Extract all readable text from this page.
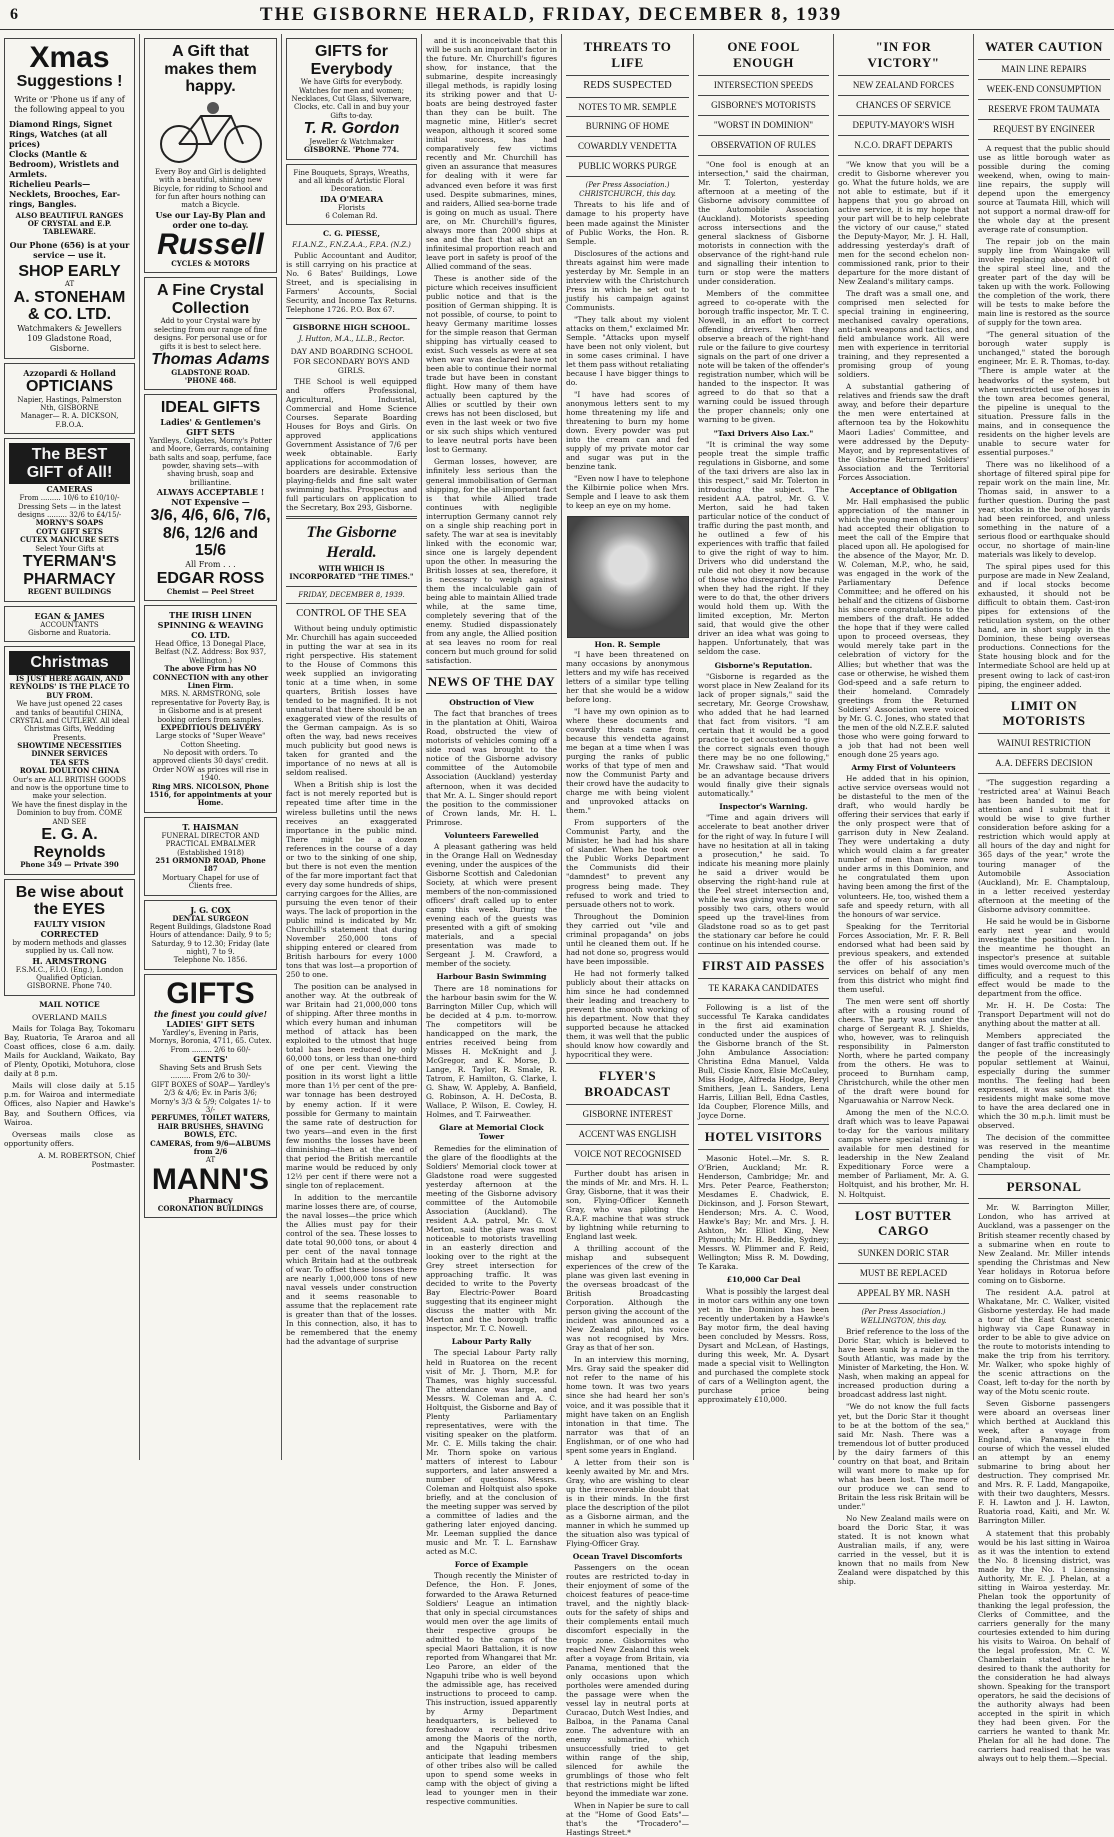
6	THE GISBORNE HERALD, FRIDAY, DECEMBER 8, 1939
Xmas
Suggestions !
Write or 'Phone us if any of the following appeal to you
Diamond Rings, Signet Rings, Watches (at all prices)
Clocks (Mantle & Bedroom), Wristlets and Armlets.
Richelieu Pearls— Necklets, Brooches, Ear-rings, Bangles.
ALSO BEAUTIFUL RANGES OF CRYSTAL and E.P. TABLEWARE.
Our Phone (656) is at your service — use it.
SHOP EARLY
AT
A. STONEHAM & CO. LTD.
Watchmakers & Jewellers
109 Gladstone Road, Gisborne.
Azzopardi & Holland
OPTICIANS
Napier, Hastings, Palmerston Nth, GISBORNE
Manager— R. A. DICKSON, F.B.O.A.
The BEST GIFT of All!
CAMERAS
From ......... 10/6 to £10/10/-
Dressing Sets — in the latest designs ......... 32/6 to £4/15/-
MORNY'S SOAPS
COTY GIFT SETS
CUTEX MANICURE SETS
Select Your Gifts at
TYERMAN'S PHARMACY
REGENT BUILDINGS
EGAN & JAMES
ACCOUNTANTS
Gisborne and Ruatoria.
Christmas
IS JUST HERE AGAIN, AND REYNOLDS' IS THE PLACE TO BUY FROM.
We have just opened 22 cases and tanks of beautiful CHINA, CRYSTAL and CUTLERY. All ideal Christmas Gifts, Wedding Presents.
SHOWTIME NECESSITIES
DINNER SERVICES
TEA SETS
ROYAL DOULTON CHINA
Our's are ALL BRITISH GOODS and now is the opportune time to make your selection.
We have the finest display in the Dominion to buy from. COME AND SEE
E. G. A. Reynolds
Phone 349 — Private 390
Be wise about the EYES
FAULTY VISION CORRECTED
by modern methods and glasses supplied by us. Call now.
H. ARMSTRONG
F.S.M.C., F.I.O. (Eng.), London Qualified Optician.
GISBORNE. Phone 740.
MAIL NOTICE
OVERLAND MAILS

Mails for Tolaga Bay, Tokomaru Bay, Ruatoria, Te Araroa and all Coast offices, close 6 a.m. daily. Mails for Auckland, Waikato, Bay of Plenty, Opotiki, Motuhora, close daily at 8 p.m.

Mails will close daily at 5.15 p.m. for Wairoa and intermediate Offices, also Napier and Hawke's Bay, and Southern Offices, via Wairoa.

Overseas mails close as opportunity offers.

A. M. ROBERTSON, Chief Postmaster.

A Gift that makes them happy.
Every Boy and Girl is delighted with a beautiful, shining new Bicycle, for riding to School and for fun after hours nothing can match a Bicycle.
Use our Lay-By Plan and order one to-day.
Russell
CYCLES & MOTORS
A Fine Crystal Collection
Add to your Crystal ware by selecting from our range of fine designs. For personal use or for gifts it is best to select here.
Thomas Adams
GLADSTONE ROAD.
'PHONE 468.
IDEAL GIFTS
Ladies' & Gentlemen's GIFT SETS
Yardleys, Colgates, Morny's Potter and Moore, Gerrards, containing bath salts and soap, perfume, face powder, shaving sets—with shaving brush, soap and brilliantine.
ALWAYS ACCEPTABLE !
NOT Expensive —
3/6, 4/6, 6/6, 7/6, 8/6, 12/6 and 15/6
All From . . .
EDGAR ROSS
Chemist — Peel Street
THE IRISH LINEN SPINNING & WEAVING CO. LTD.
Head Office, 13 Donegal Place, Belfast (N.Z. Address: Box 937, Wellington.)
The above Firm has NO CONNECTION with any other Linen Firm.
MRS. N. ARMSTRONG, sole representative for Poverty Bay, is in Gisborne and is at present booking orders from samples.
EXPEDITIOUS DELIVERY
Large stocks of "Super Weave" Cotton Sheeting.
No deposit with orders. To approved clients 30 days' credit.
Order NOW as prices will rise in 1940.
Ring MRS. NICOLSON, Phone 1516, for appointments at your Home.
T. HAISMAN
FUNERAL DIRECTOR AND PRACTICAL EMBALMER
(Established 1918)
251 ORMOND ROAD, Phone 187
Mortuary Chapel for use of Clients free.
J. G. COX
DENTAL SURGEON
Regent Buildings, Gladstone Road
Hours of attendance: Daily, 9 to 5; Saturday, 9 to 12.30; Friday (late night), 7 to 9.
Telephone No. 1856.
GIFTS
the finest you could give!
LADIES' GIFT SETS
Yardley's, Evening in Paris, Mornys, Boronia, 4711, 65. Cutex. From ......... 2/6 to 60/-
GENTS'
Shaving Sets and Brush Sets ......... From 2/6 to 30/-
GIFT BOXES of SOAP— Yardley's 2/3 & 4/6; Ev. in Paris 3/6; Morny's 3/3 & 5/9; Colgates 1/- to 3/-
PERFUMES, TOILET WATERS, HAIR BRUSHES, SHAVING BOWLS, ETC.
CAMERAS, from 9/6—ALBUMS from 2/6
AT
MANN'S
Pharmacy
CORONATION BUILDINGS
GIFTS for Everybody
We have Gifts for everybody. Watches for men and women; Necklaces, Cut Glass, Silverware, Clocks, etc. Call in and buy your Gifts to-day.
T. R. Gordon
Jeweller & Watchmaker
GISBORNE. 'Phone 774.
Fine Bouquets, Sprays, Wreaths, and all kinds of Artistic Floral Decoration.
IDA O'MEARA
Florists
6 Coleman Rd.
C. G. PIESSE,
F.I.A.N.Z., F.N.Z.A.A., F.P.A. (N.Z.)

Public Accountant and Auditor, is still carrying on his practice at No. 6 Bates' Buildings, Lowe Street, and is specialising in Farmers' Accounts, Social Security, and Income Tax Returns. Telephone 1726. P.O. Box 67.

GISBORNE HIGH SCHOOL.
J. Hutton, M.A., LL.B., Rector.
DAY AND BOARDING SCHOOL FOR SECONDARY BOYS AND GIRLS.

THE School is well equipped and offers Professional, Agricultural, Industrial, Commercial and Home Science Courses. Separate Boarding Houses for Boys and Girls. On approved applications Government Assistance of 7/6 per week obtainable. Early applications for accommodation of boarders are desirable. Extensive playing-fields and fine salt water swimming baths. Prospectus and full particulars on application to the Secretary, Box 293, Gisborne.

The Gisborne Herald.
WITH WHICH IS INCORPORATED "THE TIMES."
FRIDAY, DECEMBER 8, 1939.
CONTROL OF THE SEA

Without being unduly optimistic Mr. Churchill has again succeeded in putting the war at sea in its right perspective. His statement to the House of Commons this week supplied an invigorating tonic at a time when, in some quarters, British losses have tended to be magnified. It is not unnatural that there should be an exaggerated view of the results of the German campaign. As is so often the way, bad news receives much publicity but good news is taken for granted and the importance of no news at all is seldom realised.

When a British ship is lost the fact is not merely reported but is repeated time after time in the wireless bulletins until the news receives an exaggerated importance in the public mind. There might be a dozen references in the course of a day or two to the sinking of one ship, but there is not even the mention of the far more important fact that every day some hundreds of ships, carrying cargoes for the Allies, are pursuing the even tenor of their ways. The lack of proportion in the public mind is indicated by Mr. Churchill's statement that during November 250,000 tons of shipping entered or cleared from British harbours for every 1000 tons that was lost—a proportion of 250 to one.

The position can be analysed in another way. At the outbreak of war Britain had 21,000,000 tons of shipping. After three months in which every human and inhuman method of attack has been exploited to the utmost that huge total has been reduced by only 60,000 tons, or less than one-third of one per cent. Viewing the position in its worst light a little more than 1½ per cent of the pre-war tonnage has been destroyed by enemy action. If it were possible for Germany to maintain the same rate of destruction for two years—and even in the first few months the losses have been diminishing—then at the end of that period the British mercantile marine would be reduced by only 12½ per cent if there were not a single ton of replacement.

In addition to the mercantile marine losses there are, of course, the naval losses—the price which the Allies must pay for their control of the sea. These losses to date total 90,000 tons, or about 4 per cent of the naval tonnage which Britain had at the outbreak of war. To offset these losses there are nearly 1,000,000 tons of new naval vessels under construction and it seems reasonable to assume that the replacement rate is greater than that of the losses. In this connection, also, it has to be remembered that the enemy had the advantage of surprise

and it is inconceivable that this will be such an important factor in the future. Mr. Churchill's figures show, for instance, that the submarine, despite increasingly illegal methods, is rapidly losing its striking power and that U-boats are being destroyed faster than they can be built. The magnetic mine, Hitler's secret weapon, although it scored some initial success, has had comparatively few victims recently and Mr. Churchill has given an assurance that measures for dealing with it were far advanced even before it was first used. Despite submarines, mines, and raiders, Allied sea-borne trade is going on much as usual. There are, on Mr. Churchill's figures, always more than 2000 ships at sea and the fact that all but an infinitesimal proportion reach and leave port in safety is proof of the Allied command of the seas.

These is another side of the picture which receives insufficient public notice and that is the position of German shipping. It is not possible, of course, to point to heavy Germany maritime losses for the simple reason that German shipping has virtually ceased to exist. Such vessels as were at sea when war was declared have not been able to continue their normal trade but have been in constant flight. How many of them have actually been captured by the Allies or scuttled by their own crews has not been disclosed, but even in the last week or two five or six such ships which ventured to leave neutral ports have been lost to Germany.

German losses, however, are infinitely less serious than the general immobilisation of German shipping, for the all-important fact is that while Allied trade continues with negligible interruption Germany cannot rely on a single ship reaching port in safety. The war at sea is inevitably linked with the economic war, since one is largely dependent upon the other. In measuring the British losses at sea, therefore, it is necessary to weigh against them the incalculable gain of being able to maintain Allied trade while, at the same time, completely severing that of the enemy. Studied dispassionately from any angle, the Allied position at sea leaves no room for real concern but much ground for solid satisfaction.

NEWS OF THE DAY
Obstruction of View

The fact that branches of trees in the plantation at Ohiti, Wairoa Road, obstructed the view of motorists of vehicles coming off a side road was brought to the notice of the Gisborne advisory committee of the Automobile Association (Auckland) yesterday afternoon, when it was decided that Mr. A. L. Singer should report the position to the commissioner of Crown lands, Mr. H. L. Primrose.

Volunteers Farewelled

A pleasant gathering was held in the Orange Hall on Wednesday evening, under the auspices of the Gisborne Scottish and Caledonian Society, at which were present members of the non-commissioned officers' draft called up to enter camp this week. During the evening each of the guests was presented with a gift of smoking materials, and a special presentation was made to Sergeant J. M. Crawford, a member of the society.

Harbour Basin Swimming

There are 18 nominations for the harbour basin swim for the W. Barrington Miller Cup, which will be decided at 4 p.m. to-morrow. The competitors will be handicapped on the mark, the entries received being from Misses H. McKnight and J. McGregor, and K. Morse, D. Lange, R. Taylor, R. Smale, R. Tatrom, F. Hamilton, G. Clarke, I. G. Shaw, W. Appleby, A. Banfield, G. Robinson, A. H. DeCosta, B. Wallace, P. Wilson, E. Cowley, H. Holmes, and T. Fairweather.

Glare at Memorial Clock Tower

Remedies for the elimination of the glare of the floodlights at the Soldiers' Memorial clock tower at Gladstone road were suggested yesterday afternoon at the meeting of the Gisborne advisory committee of the Automobile Association (Auckland). The resident A.A. patrol, Mr. G. V. Merton, said the glare was most noticeable to motorists travelling in an easterly direction and looking over to the right at the Grey street intersection for approaching traffic. It was decided to write to the Poverty Bay Electric-Power Board suggesting that its engineer might discuss the matter with Mr. Merton and the borough traffic inspector, Mr. T. C. Nowell.

Labour Party Rally

The special Labour Party rally held in Ruatorea on the recent visit of Mr. J. Thorn, M.P. for Thames, was highly successful. The attendance was large, and Messrs. W. Coleman and A. C. Holtquist, the Gisborne and Bay of Plenty Parliamentary representatives, were with the visiting speaker on the platform. Mr. C. E. Mills taking the chair. Mr. Thorn spoke on various matters of interest to Labour supporters, and later answered a number of questions. Messrs. Coleman and Holtquist also spoke briefly, and at the conclusion of the meeting supper was served by a committee of ladies and the gathering later enjoyed dancing. Mr. Leeman supplied the dance music and Mr. T. L. Earnshaw acted as M.C.

Force of Example

Though recently the Minister of Defence, the Hon. F. Jones, forwarded to the Arawa Returned Soldiers' League an intimation that only in special circumstances would men over the age limits of their respective groups be admitted to the camps of the special Maori Battalion, it is now reported from Whangarei that Mr. Leo Parore, an elder of the Ngapuhi tribe who is well beyond the admissible age, has received instructions to proceed to camp. This instruction, issued apparently by Army Department headquarters, is believed to foreshadow a recruiting drive among the Maoris of the north, and the Ngapuhi tribesmen anticipate that leading members of other tribes also will be called upon to spend some weeks in camp with the object of giving a lead to younger men in their respective communities.

THREATS TO LIFE
REDS SUSPECTED
NOTES TO MR. SEMPLE
BURNING OF HOME
COWARDLY VENDETTA
PUBLIC WORKS PURGE
(Per Press Association.) CHRISTCHURCH, this day.

Threats to his life and of damage to his property have been made against the Minister of Public Works, the Hon. R. Semple.

Disclosures of the actions and threats against him were made yesterday by Mr. Semple in an interview with the Christchurch Press in which he set out to justify his campaign against Communists.

"They talk about my violent attacks on them," exclaimed Mr. Semple. "Attacks upon myself have been not only violent, but in some cases criminal. I have let them pass without retaliating because I have bigger things to do.

"I have had scores of anonymous letters sent to my home threatening my life and threatening to burn my home down. Every powder was put into the cream can and fed supply of my private motor car and sugar was put in the benzine tank.

"Even now I have to telephone the Kilbirnie police when Mrs. Semple and I leave to ask them to keep an eye on my home.

Hon. R. Semple

"I have been threatened on many occasions by anonymous letters and my wife has received letters of a similar type telling her that she would be a widow before long.

"I have my own opinion as to where these documents and cowardly threats came from, because this vendetta against me began at a time when I was purging the ranks of public works of that type of men and now the Communist Party and their crowd have the audacity to charge me with being violent and unprovoked attacks on them."

From supporters of the Communist Party, and the Minister, he had had his share of slander. When he took over the Public Works Department the Communists did their "damndest" to prevent any progress being made. They refused to work and tried to persuade others not to work.

Throughout the Dominion they carried out "vile and criminal propaganda" on jobs until he cleaned them out. If he had not done so, progress would have been impossible.

He had not formerly talked publicly about their attacks on him since he had condemned their leading and treachery to prevent the smooth working of his department. Now that they supported because he attacked them, it was well that the public should know how cowardly and hypocritical they were.

FLYER'S BROADCAST
GISBORNE INTEREST
ACCENT WAS ENGLISH
VOICE NOT RECOGNISED

Further doubt has arisen in the minds of Mr. and Mrs. H. L. Gray, Gisborne, that it was their son, Flying-Officer Kenneth Gray, who was piloting the R.A.F. machine that was struck by lightning while returning to England last week.

A thrilling account of the mishap and subsequent experiences of the crew of the plane was given last evening in the overseas broadcast of the British Broadcasting Corporation. Although the person giving the account of the incident was announced as a New Zealand pilot, his voice was not recognised by Mrs. Gray as that of her son.

In an interview this morning, Mrs. Gray said the speaker did not refer to the name of his home town. It was two years since she had heard her son's voice, and it was possible that it might have taken on an English intonation in that time. The narrator was that of an Englishman, or of one who had spent some years in England.

A letter from their son is keenly awaited by Mr. and Mrs. Gray, who are wishing to clear up the irrecoverable doubt that is in their minds. In the first place the description of the pilot as a Gisborne airman, and the manner in which he summed up the situation also was typical of Flying-Officer Gray.

Ocean Travel Discomforts

Passengers on the ocean routes are restricted to-day in their enjoyment of some of the choicest features of peace-time travel, and the nightly black-outs for the safety of ships and their complements entail much discomfort especially in the tropic zone. Gisbornites who reached New Zealand this week after a voyage from Britain, via Panama, mentioned that the only occasions upon which portholes were amended during the passage were when the vessel lay in neutral ports at Curacao, Dutch West Indies, and Balboa, in the Panama Canal zone. The adventure with an enemy submarine, which unsuccessfully tried to get within range of the ship, silenced for awhile the grumblings of those who felt that restrictions might be lifted beyond the immediate war zone.

When in Napier be sure to call at the "Home of Good Eats"—that's the "Trocadero"—Hastings Street.*

ONE FOOL ENOUGH
INTERSECTION SPEEDS
GISBORNE'S MOTORISTS
"WORST IN DOMINION"
OBSERVATION OF RULES

"One fool is enough at an intersection," said the chairman, Mr. T. Tolerton, yesterday afternoon at a meeting of the Gisborne advisory committee of the Automobile Association (Auckland). Motorists speeding across intersections and the general slackness of Gisborne motorists in connection with the observance of the right-hand rule and signalling their intention to turn or stop were the matters under consideration.

Members of the committee agreed to co-operate with the borough traffic inspector, Mr. T. C. Nowell, in an effort to correct offending drivers. When they observe a breach of the right-hand rule or the failure to give courtesy signals on the part of one driver a note will be taken of the offender's registration number, which will be handed to the inspector. It was agreed to do that so that a warning could be issued through the proper channels; only one warning to be given.

"Taxi Drivers Also Lax."

"It is criminal the way some people treat the simple traffic regulations in Gisborne, and some of the taxi drivers are also lax in this respect," said Mr. Tolerton in introducing the subject. The resident A.A. patrol, Mr. G. V. Merton, said he had taken particular notice of the conduct of traffic during the past month, and he outlined a few of his experiences with traffic that failed to give the right of way to him. Drivers who did understand the rule did not obey it now because of those who disregarded the rule when they had the right. If they were to do that, the other drivers would hold them up. With the limited exception, Mr. Merton said, that would give the other driver an idea what was going to happen. Unfortunately, that was seldom the case.

Gisborne's Reputation.

"Gisborne is regarded as the worst place in New Zealand for its lack of proper signals," said the secretary, Mr. George Crowshaw, who added that he had learned that fact from visitors. "I am certain that it would be a good practice to get accustomed to give the correct signals even though there may be no one following," Mr. Crawshaw said. "That would be an advantage because drivers would finally give their signals automatically."

Inspector's Warning.

"Time and again drivers will accelerate to beat another driver for the right of way. In future I will have no hesitation at all in taking a prosecution," he said. To indicate his meaning more plainly he said a driver would be observing the right-hand rule at the Peel street intersection and, while he was giving way to one or possibly two cars, others would speed up the travel-lines from Gladstone road so as to get past the stationary car before he could continue on his intended course.

FIRST AID PASSES
TE KARAKA CANDIDATES

Following is a list of the successful Te Karaka candidates in the first aid examination conducted under the auspices of the Gisborne branch of the St. John Ambulance Association: Christina Edna Manuel, Valda Bull, Cissie Knox, Elsie McCauley, Miss Hodge, Alfreda Hodge, Beryl Smithers, Jean L. Sanders, Lena Harris, Lillian Bell, Edna Castles, Ida Coupber, Florence Mills, and Joyce Dorne.

HOTEL VISITORS

Masonic Hotel.—Mr. S. R. O'Brien, Auckland; Mr. R. Henderson, Cambridge; Mr. and Mrs. Peter Pearce, Featherston; Mesdames E. Chadwick, E. Dickinson, and J. Forson Stewart, Henderson; Mrs. A. C. Wood, Hawke's Bay; Mr. and Mrs. J. H. Ashton, Mr. Elliot King, New Plymouth; Mr. H. Beddie, Sydney; Messrs. W. Plimmer and F. Reid, Wellington; Miss R. M. Dowding, Te Karaka.

£10,000 Car Deal

What is possibly the largest deal in motor cars within any one town yet in the Dominion has been recently undertaken by a Hawke's Bay motor firm, the deal having been concluded by Messrs. Ross, Dysart and McLean, of Hastings, during this week, Mr. A. Dysart made a special visit to Wellington and purchased the complete stock of cars of a Wellington agent, the purchase price being approximately £10,000.

"IN FOR VICTORY"
NEW ZEALAND FORCES
CHANCES OF SERVICE
DEPUTY-MAYOR'S WISH
N.C.O. DRAFT DEPARTS

"We know that you will be a credit to Gisborne wherever you go. What the future holds, we are not able to estimate, but if it happens that you go abroad on active service, it is my hope that your part will be to help celebrate the victory of our cause," stated the Deputy-Mayor, Mr. J. H. Hall, addressing yesterday's draft of men for the second echelon non-commissioned rank, prior to their departure for the more distant of New Zealand's military camps.

The draft was a small one, and comprised men selected for special training in engineering, mechanised cavalry operations, anti-tank weapons and tactics, and field ambulance work. All were men with experience in territorial training, and they represented a promising group of young soldiers.

A substantial gathering of relatives and friends saw the draft away, and before their departure the men were entertained at afternoon tea by the Hokowhitu Maori Ladies' Committee, and were addressed by the Deputy-Mayor, and by representatives of the Gisborne Returned Soldiers' Association and the Territorial Forces Association.

Acceptance of Obligation

Mr. Hall emphasised the public appreciation of the manner in which the young men of this group had accepted their obligation to meet the call of the Empire that placed upon all. He apologised for the absence of the Mayor, Mr. D. W. Coleman, M.P., who, he said, was engaged in the work of the Parliamentary Defence Committee; and he offered on his behalf and the citizens of Gisborne his sincere congratulations to the members of the draft. He added the hope that if they were called upon to proceed overseas, they would merely take part in the celebration of victory for the Allies; but whether that was the case or otherwise, he wished them God-speed and a safe return to their homeland. Comradely greetings from the Returned Soldiers' Association were voiced by Mr. G. C. Jones, who stated that the men of the old N.Z.E.F. saluted those who were going forward to a job that had not been well enough done 25 years ago.

Army First of Volunteers

He added that in his opinion, active service overseas would not be distasteful to the men of the draft, who would hardly be offering their services that early if the only prospect were that of garrison duty in New Zealand. They were undertaking a duty which would claim a far greater number of men than were now under arms in this Dominion, and he congratulated them upon having been among the first of the volunteers. He, too, wished them a safe and speedy return, with all the honours of war service.

Speaking for the Territorial Forces Association, Mr. F. R. Bell endorsed what had been said by previous speakers, and extended the offer of his association's services on behalf of any men from this district who might find them useful.

The men were sent off shortly after with a rousing round of cheers. The party was under the charge of Sergeant R. J. Shields, who, however, was to relinquish responsibility in Palmerston North, where he parted company from the others. He was to proceed to Burnham camp, Christchurch, while the other men of the draft were bound for Ngaruawahia or Narrow Neck.

Among the men of the N.C.O. draft which was to leave Papawai to-day for the various military camps where special training is available for men destined for leadership in the New Zealand Expeditionary Force were a member of Parliament, Mr. A. G. Holtquist, and his brother, Mr. H. N. Holtquist.

LOST BUTTER CARGO
SUNKEN DORIC STAR
MUST BE REPLACED
APPEAL BY MR. NASH
(Per Press Association.) WELLINGTON, this day.

Brief reference to the loss of the Doric Star, which is believed to have been sunk by a raider in the South Atlantic, was made by the Minister of Marketing, the Hon. W. Nash, when making an appeal for increased production during a broadcast address last night.

"We do not know the full facts yet, but the Doric Star it thought to be at the bottom of the sea," said Mr. Nash. There was a tremendous lot of butter produced by the dairy farmers of this country on that boat, and Britain will want more to make up for what has been lost. The more of our produce we can send to Britain the less risk Britain will be under."

No New Zealand mails were on board the Doric Star, it was stated. It is not known what Australian mails, if any, were carried in the vessel, but it is known that no mails from New Zealand were dispatched by this ship.

WATER CAUTION
MAIN LINE REPAIRS
WEEK-END CONSUMPTION
RESERVE FROM TAUMATA
REQUEST BY ENGINEER

A request that the public should use as little borough water as possible during the coming weekend, when, owing to main-line repairs, the supply will depend upon the emergency source at Taumata Hill, which will not support a normal draw-off for the whole day at the present average rate of consumption.

The repair job on the main supply line from Waingake will involve replacing about 100ft of the spiral steel line, and the greater part of the day will be taken up with the work. Following the completion of the work, there will be tests to make before the main line is restored as the source of supply for the town area.

"The general situation of the borough water supply is unchanged," stated the borough engineer, Mr. E. R. Thomas, to-day. "There is ample water at the headworks of the system, but when unrestricted use of hoses in the town area becomes general, the pipeline is unequal to the situation. Pressure falls in the mains, and in consequence the residents on the higher levels are unable to secure water for essential purposes."

There was no likelihood of a shortage of filtered spiral pipe for repair work on the main line, Mr. Thomas said, in answer to a further question. During the past year, stocks in the borough yards had been reinforced, and unless something in the nature of a serious flood or earthquake should occur, no shortage of main-line materials was likely to develop.

The spiral pipes used for this purpose are made in New Zealand, and if local stocks become exhausted, it should not be difficult to obtain them. Cast-iron pipes for extensions of the reticulation system, on the other hand, are in short supply in the Dominion, these being overseas productions. Connections for the State housing block and for the Intermediate School are held up at present owing to lack of cast-iron piping, the engineer added.

LIMIT ON MOTORISTS
WAINUI RESTRICTION
A.A. DEFERS DECISION

"The suggestion regarding a 'restricted area' at Wainui Beach has been handed to me for attention and I submit that it would be wise to give further consideration before asking for a restriction which would apply at all hours of the day and night for 365 days of the year," wrote the touring manager of the Automobile Association (Auckland), Mr. E. Champtaloup, in a letter received yesterday afternoon at the meeting of the Gisborne advisory committee.

He said he would be in Gisborne early next year and would investigate the position then. In the meantime he thought an inspector's presence at suitable times would overcome much of the difficulty, and a request to this effect would be made to the department from the office.

Mr. H. H. De Costa: The Transport Department will not do anything about the matter at all.

Members appreciated the danger of fast traffic constituted to the people of the increasingly popular settlement at Wainui, especially during the summer months. The feeling had been expressed, it was said, that the residents might make some move to have the area declared one in which the 30 m.p.h. limit must be observed.

The decision of the committee was reserved in the meantime pending the visit of Mr. Champtaloup.

PERSONAL

Mr. W. Barrington Miller, London, who has arrived at Auckland, was a passenger on the British steamer recently chased by a submarine when en route to New Zealand. Mr. Miller intends spending the Christmas and New Year holidays in Rotorua before coming on to Gisborne.

The resident A.A. patrol at Whakatane, Mr. C. Walker, visited Gisborne yesterday. He had made a tour of the East Coast scenic highway via Cape Runaway in order to be able to give advice on the route to motorists intending to make the trip from his territory. Mr. Walker, who spoke highly of the scenic attractions on the Coast, left to-day for the north by way of the Motu scenic route.

Seven Gisborne passengers were aboard an overseas liner which berthed at Auckland this week, after a voyage from England, via Panama, in the course of which the vessel eluded an attempt by an enemy submarine to bring about her destruction. They comprised Mr. and Mrs. R. F. Ladd, Mangapoike, with their two daughters, Messrs. F. H. Lawton and J. H. Lawton, Ruatoria road, Kaiti, and Mr. W. Barrington Miller.

A statement that this probably would be his last sitting in Wairoa as it was the intention to extend the No. 8 licensing district, was made by the No. 1 Licensing Authority, Mr. E. J. Phelan, at a sitting in Wairoa yesterday. Mr. Phelan took the opportunity of thanking the legal profession, the Clerks of Committee, and the carriers generally for the many courtesies extended to him during his visits to Wairoa. On behalf of the legal profession, Mr. C. W. Chamberlain stated that he desired to thank the authority for the consideration he had always shown. Speaking for the transport operators, he said the decisions of the authority always had been accepted in the spirit in which they had been given. For the carriers he wanted to thank Mr. Phelan for all he had done. The carriers had realised that he was always out to help them.—Special.
